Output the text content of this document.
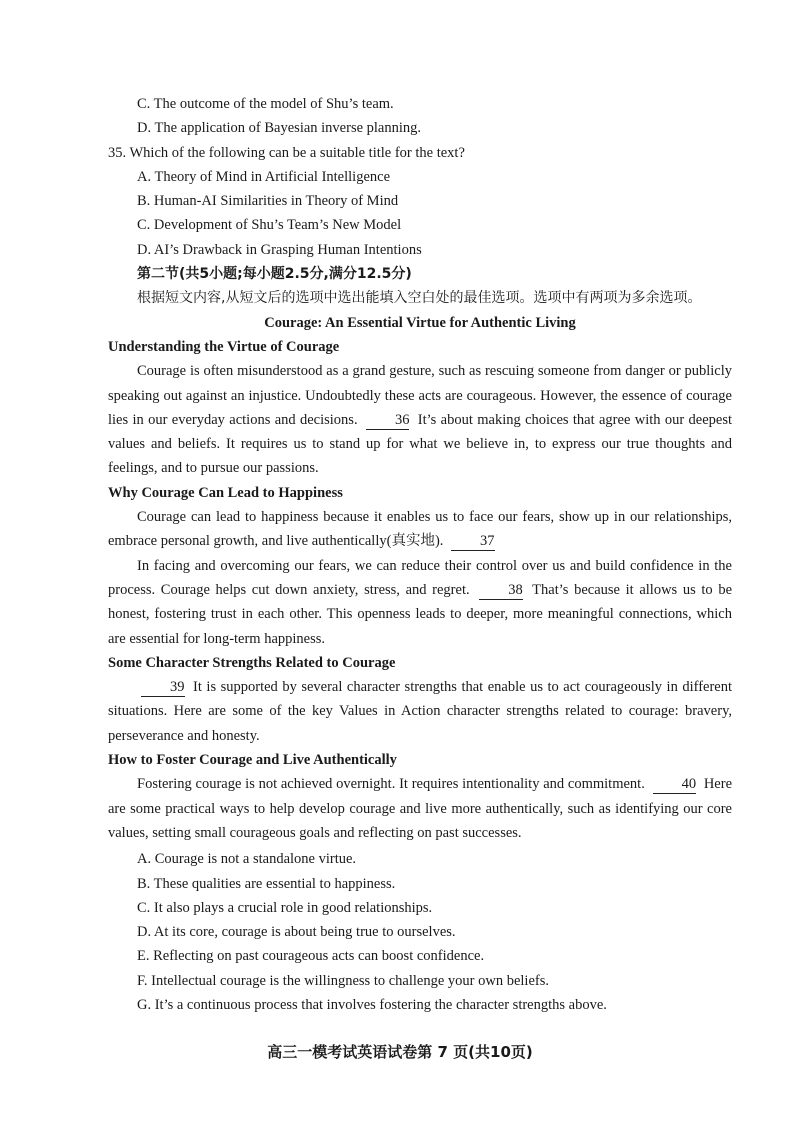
C. The outcome of the model of Shu’s team.
D. The application of Bayesian inverse planning.
35. Which of the following can be a suitable title for the text?
A. Theory of Mind in Artificial Intelligence
B. Human-AI Similarities in Theory of Mind
C. Development of Shu’s Team’s New Model
D. AI’s Drawback in Grasping Human Intentions
第二节(共5小题;每小题2.5分,满分12.5分)
根据短文内容,从短文后的选项中选出能填入空白处的最佳选项。选项中有两项为多余选项。
Courage: An Essential Virtue for Authentic Living
Understanding the Virtue of Courage
Courage is often misunderstood as a grand gesture, such as rescuing someone from danger or publicly speaking out against an injustice. Undoubtedly these acts are courageous. However, the essence of courage lies in our everyday actions and decisions.	36 It’s about making choices that agree with our deepest values and beliefs. It requires us to stand up for what we believe in, to express our true thoughts and feelings, and to pursue our passions.
Why Courage Can Lead to Happiness
Courage can lead to happiness because it enables us to face our fears, show up in our relationships, embrace personal growth, and live authentically(真实地).	37
In facing and overcoming our fears, we can reduce their control over us and build confidence in the process. Courage helps cut down anxiety, stress, and regret.	38 That’s because it allows us to be honest, fostering trust in each other. This openness leads to deeper, more meaningful connections, which are essential for long-term happiness.
Some Character Strengths Related to Courage
39 It is supported by several character strengths that enable us to act courageously in different situations. Here are some of the key Values in Action character strengths related to courage: bravery, perseverance and honesty.
How to Foster Courage and Live Authentically
Fostering courage is not achieved overnight. It requires intentionality and commitment.	40 Here are some practical ways to help develop courage and live more authentically, such as identifying our core values, setting small courageous goals and reflecting on past successes.
A. Courage is not a standalone virtue.
B. These qualities are essential to happiness.
C. It also plays a crucial role in good relationships.
D. At its core, courage is about being true to ourselves.
E. Reflecting on past courageous acts can boost confidence.
F. Intellectual courage is the willingness to challenge your own beliefs.
G. It’s a continuous process that involves fostering the character strengths above.
高三一模考试英语试卷第 7 页(共10页)
